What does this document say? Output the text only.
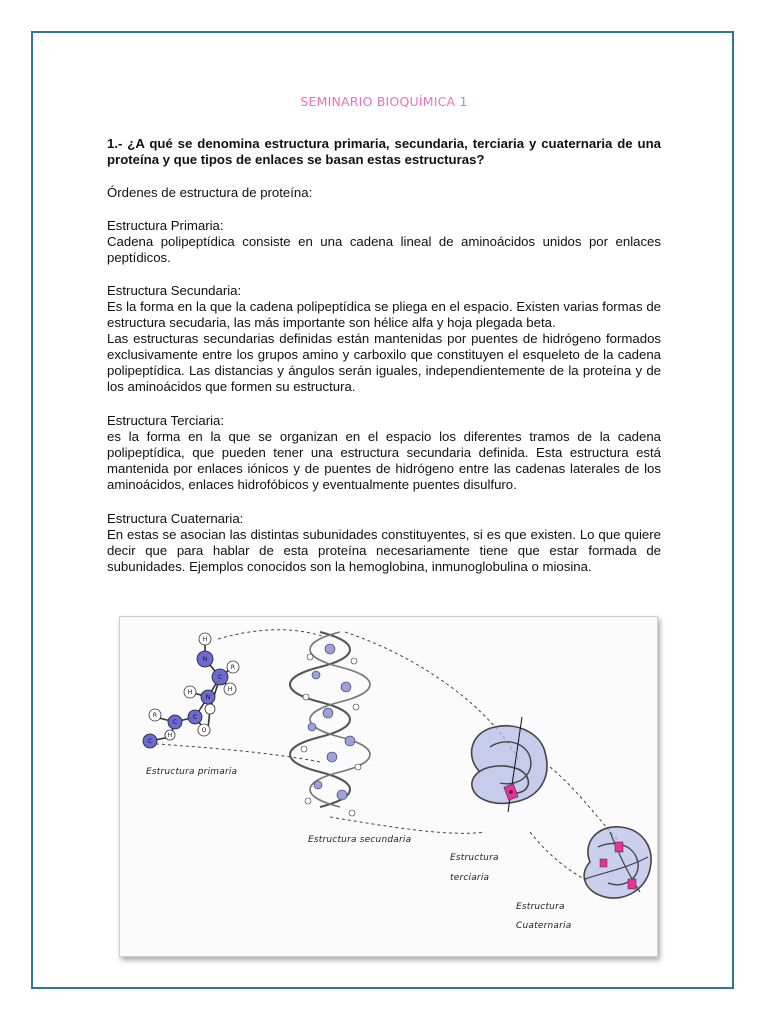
SEMINARIO BIOQUÍMICA 1
1.- ¿A qué se denomina estructura primaria, secundaria, terciaria y cuaternaria de una proteína y que tipos de enlaces se basan estas estructuras?

Órdenes de estructura de proteína:

Estructura Primaria:

Cadena polipeptídica consiste en una cadena lineal de aminoácidos unidos por enlaces peptídicos.

Estructura Secundaria:

Es la forma en la que la cadena polipeptídica se pliega en el espacio. Existen varias formas de estructura secudaria, las más importante son hélice alfa y hoja plegada beta.

Las estructuras secundarias definidas están mantenidas por puentes de hidrógeno formados exclusivamente entre los grupos amino y carboxilo que constituyen el esqueleto de la cadena polipeptídica. Las distancias y ángulos serán iguales, independientemente de la proteína y de los aminoácidos que formen su estructura.

Estructura Terciaria:

es la forma en la que se organizan en el espacio los diferentes tramos de la cadena polipeptídica, que pueden tener una estructura secundaria definida. Esta estructura está mantenida por enlaces iónicos y de puentes de hidrógeno entre las cadenas laterales de los aminoácidos, enlaces hidrofóbicos y eventualmente puentes disulfuro.

Estructura Cuaternaria:

En estas se asocian las distintas subunidades constituyentes, si es que existen. Lo que quiere decir que para hablar de esta proteína necesariamente tiene que estar formada de subunidades. Ejemplos conocidos son la hemoglobina, inmunoglobulina o miosina.

H
N
R
C
H
H
N
C
O
R
C
H
C
Estructura primaria
Estructura secundaria
Estructura
terciaria
Estructura
Cuaternaria
